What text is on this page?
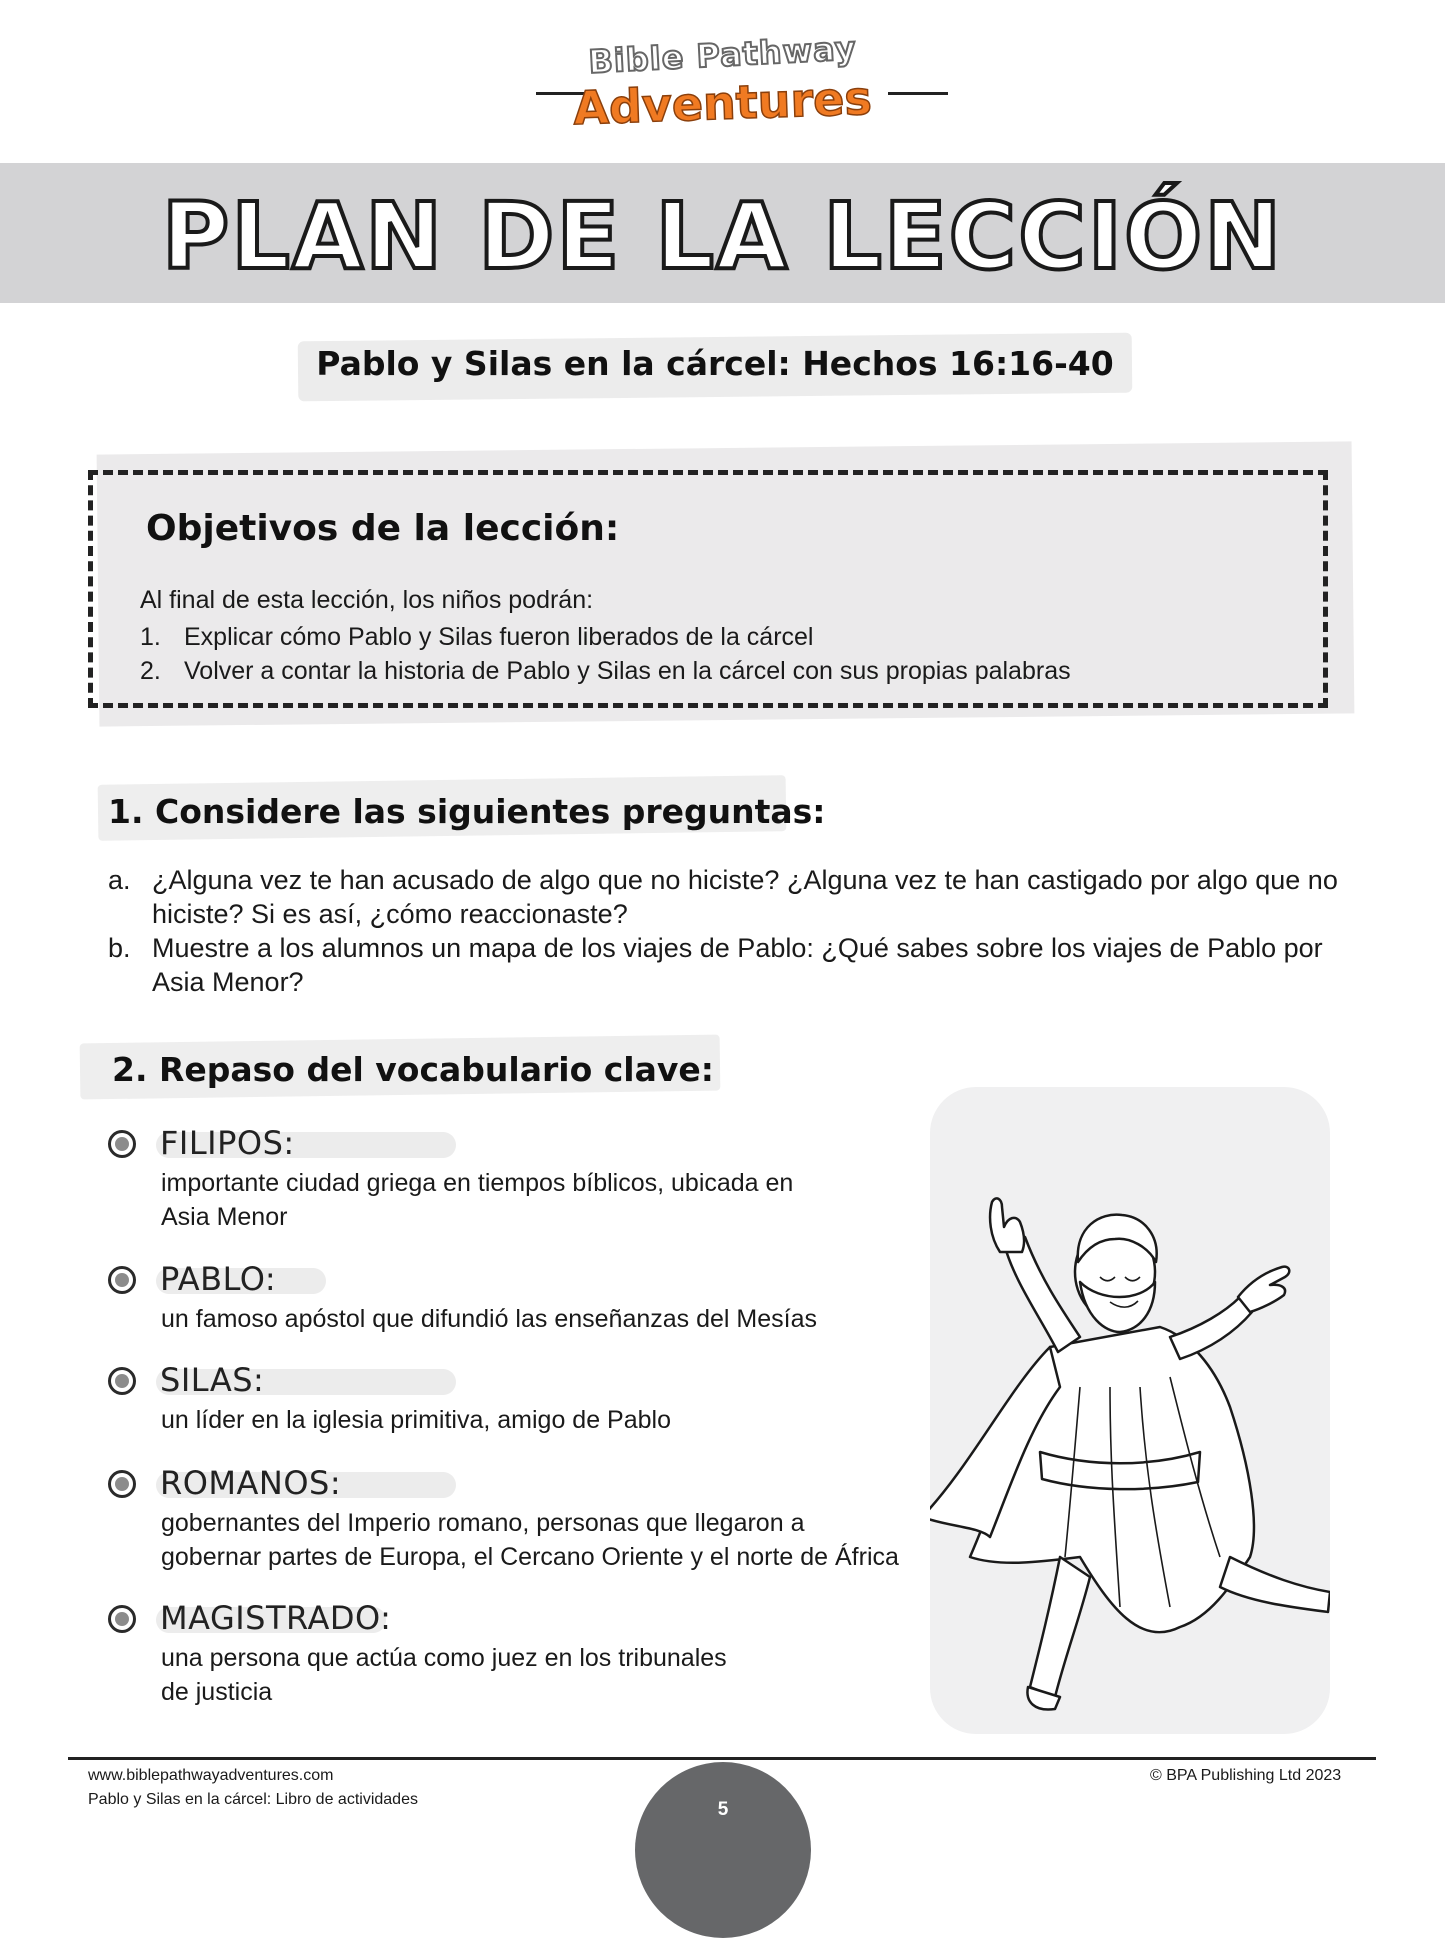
Bible Pathway
Adventures
PLAN DE LA LECCIÓN
Pablo y Silas en la cárcel: Hechos 16:16-40
Objetivos de la lección:
Al final de esta lección, los niños podrán:
1. Explicar cómo Pablo y Silas fueron liberados de la cárcel
2. Volver a contar la historia de Pablo y Silas en la cárcel con sus propias palabras
1. Considere las siguientes preguntas:
a. ¿Alguna vez te han acusado de algo que no hiciste? ¿Alguna vez te han castigado por algo que no hiciste? Si es así, ¿cómo reaccionaste?
b. Muestre a los alumnos un mapa de los viajes de Pablo: ¿Qué sabes sobre los viajes de Pablo por Asia Menor?
2. Repaso del vocabulario clave:
FILIPOS:
importante ciudad griega en tiempos bíblicos, ubicada en
Asia Menor
PABLO:
un famoso apóstol que difundió las enseñanzas del Mesías
SILAS:
un líder en la iglesia primitiva, amigo de Pablo
ROMANOS:
gobernantes del Imperio romano, personas que llegaron a
gobernar partes de Europa, el Cercano Oriente y el norte de África
MAGISTRADO:
una persona que actúa como juez en los tribunales
de justicia
www.biblepathwayadventures.com
Pablo y Silas en la cárcel: Libro de actividades
© BPA Publishing Ltd 2023
5
